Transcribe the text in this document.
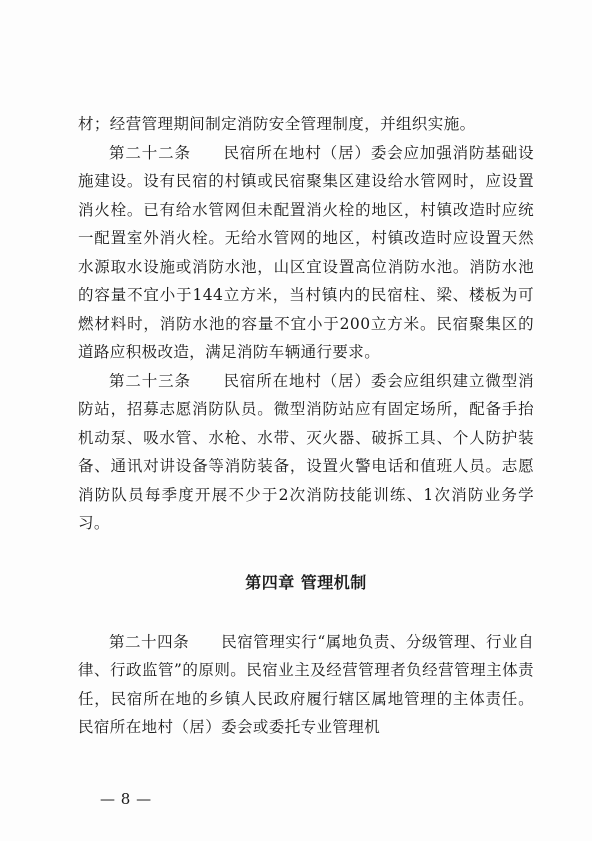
材；经营管理期间制定消防安全管理制度，并组织实施。

第二十二条　　 民宿所在地村（居）委会应加强消防基础设施建设。设有民宿的村镇或民宿聚集区建设给水管网时，应设置消火栓。已有给水管网但未配置消火栓的地区，村镇改造时应统一配置室外消火栓。无给水管网的地区，村镇改造时应设置天然水源取水设施或消防水池，山区宜设置高位消防水池。消防水池的容量不宜小于144立方米，当村镇内的民宿柱、梁、楼板为可燃材料时，消防水池的容量不宜小于200立方米。民宿聚集区的道路应积极改造，满足消防车辆通行要求。

第二十三条　　 民宿所在地村（居）委会应组织建立微型消防站，招募志愿消防队员。微型消防站应有固定场所，配备手抬机动泵、吸水管、水枪、水带、灭火器、破拆工具、个人防护装备、通讯对讲设备等消防装备，设置火警电话和值班人员。志愿消防队员每季度开展不少于2次消防技能训练、1次消防业务学习。

第四章 管理机制

第二十四条　　 民宿管理实行“属地负责、分级管理、行业自律、行政监管”的原则。民宿业主及经营管理者负经营管理主体责任，民宿所在地的乡镇人民政府履行辖区属地管理的主体责任。民宿所在地村（居）委会或委托专业管理机

— 8 —
